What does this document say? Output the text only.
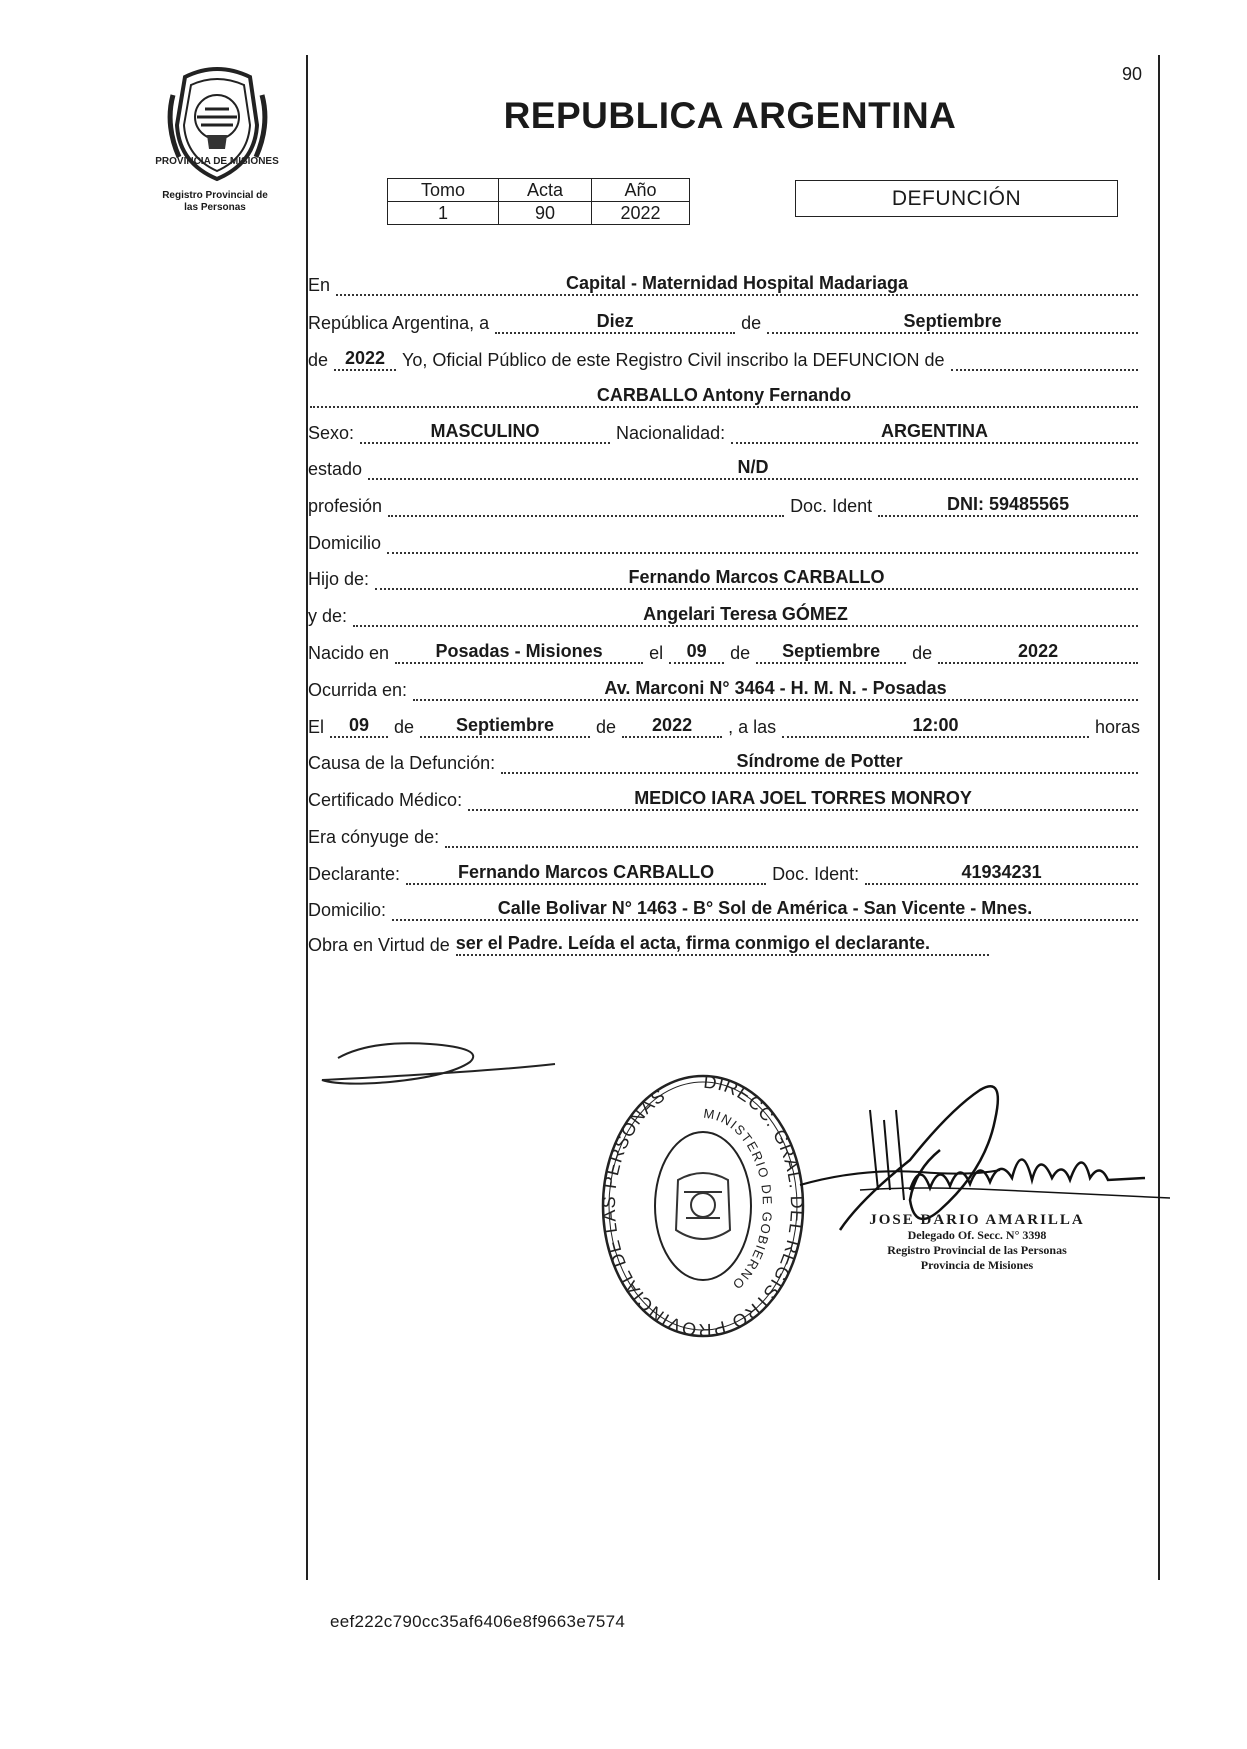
PROVINCIA DE MISIONES
Registro Provincial de
las Personas
90
REPUBLICA ARGENTINA
Tomo	Acta	Año
1	90	2022
DEFUNCIÓN
En	Capital - Maternidad Hospital Madariaga
República Argentina, a	Diez	de	Septiembre
de 2022 Yo, Oficial Público de este Registro Civil inscribo la DEFUNCION de
CARBALLO Antony Fernando
Sexo:	MASCULINO	Nacionalidad:	ARGENTINA
estado	N/D
profesión	Doc. Ident	DNI: 59485565
Domicilio
Hijo de:	Fernando Marcos CARBALLO
y de:	Angelari Teresa GÓMEZ
Nacido en	Posadas - Misiones	el	09	de	Septiembre	de	2022
Ocurrida en:	Av. Marconi N° 3464 - H. M. N. - Posadas
El	09	de	Septiembre	de	2022	, a las	12:00	horas
Causa de la Defunción:	Síndrome de Potter
Certificado Médico:	MEDICO IARA JOEL TORRES MONROY
Era cónyuge de:
Declarante:	Fernando Marcos CARBALLO	Doc. Ident:	41934231
Domicilio:	Calle Bolivar N° 1463 - B° Sol de América - San Vicente - Mnes.
Obra en Virtud de ser el Padre. Leída el acta, firma conmigo el declarante.
DIRECC. GRAL. DEL REGISTRO PROVINCIAL DE LAS PERSONAS
MINISTERIO DE GOBIERNO
JOSE DARIO AMARILLA
Delegado Of. Secc. N° 3398
Registro Provincial de las Personas
Provincia de Misiones
eef222c790cc35af6406e8f9663e7574
